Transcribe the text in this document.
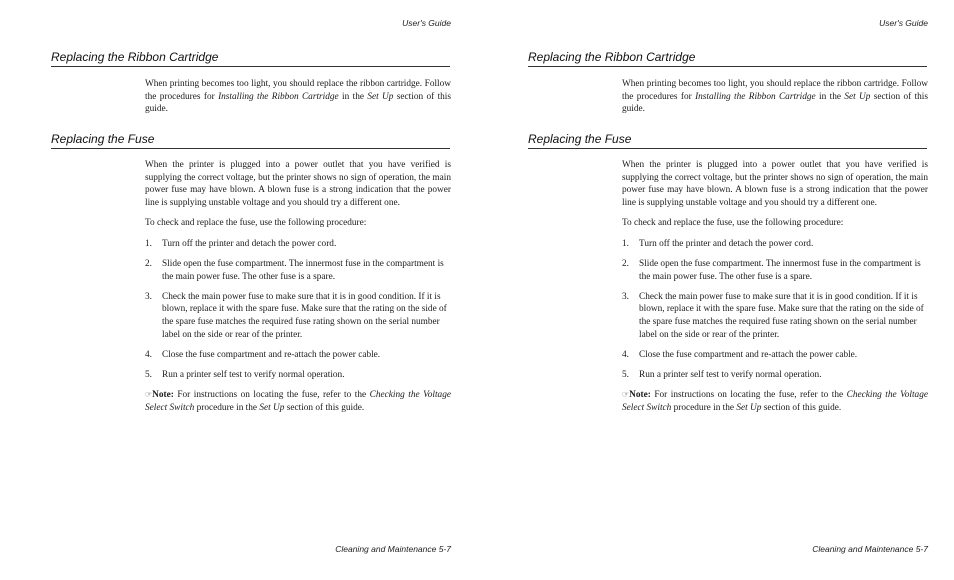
User's Guide
Replacing the Ribbon Cartridge

When printing becomes too light, you should replace the ribbon cartridge. Follow the procedures for Installing the Ribbon Cartridge in the Set Up section of this guide.

Replacing the Fuse

When the printer is plugged into a power outlet that you have verified is supplying the correct voltage, but the printer shows no sign of operation, the main power fuse may have blown. A blown fuse is a strong indication that the power line is supplying unstable voltage and you should try a different one.

To check and replace the fuse, use the following procedure:

1. Turn off the printer and detach the power cord.
2. Slide open the fuse compartment. The innermost fuse in the compartment is the main power fuse. The other fuse is a spare.
3. Check the main power fuse to make sure that it is in good condition. If it is blown, replace it with the spare fuse. Make sure that the rating on the side of the spare fuse matches the required fuse rating shown on the serial number label on the side or rear of the printer.
4. Close the fuse compartment and re-attach the power cable.
5. Run a printer self test to verify normal operation.

☞Note: For instructions on locating the fuse, refer to the Checking the Voltage Select Switch procedure in the Set Up section of this guide.

Cleaning and Maintenance 5-7
User's Guide
Replacing the Ribbon Cartridge

When printing becomes too light, you should replace the ribbon cartridge. Follow the procedures for Installing the Ribbon Cartridge in the Set Up section of this guide.

Replacing the Fuse

When the printer is plugged into a power outlet that you have verified is supplying the correct voltage, but the printer shows no sign of operation, the main power fuse may have blown. A blown fuse is a strong indication that the power line is supplying unstable voltage and you should try a different one.

To check and replace the fuse, use the following procedure:

1. Turn off the printer and detach the power cord.
2. Slide open the fuse compartment. The innermost fuse in the compartment is the main power fuse. The other fuse is a spare.
3. Check the main power fuse to make sure that it is in good condition. If it is blown, replace it with the spare fuse. Make sure that the rating on the side of the spare fuse matches the required fuse rating shown on the serial number label on the side or rear of the printer.
4. Close the fuse compartment and re-attach the power cable.
5. Run a printer self test to verify normal operation.

☞Note: For instructions on locating the fuse, refer to the Checking the Voltage Select Switch procedure in the Set Up section of this guide.

Cleaning and Maintenance 5-7
